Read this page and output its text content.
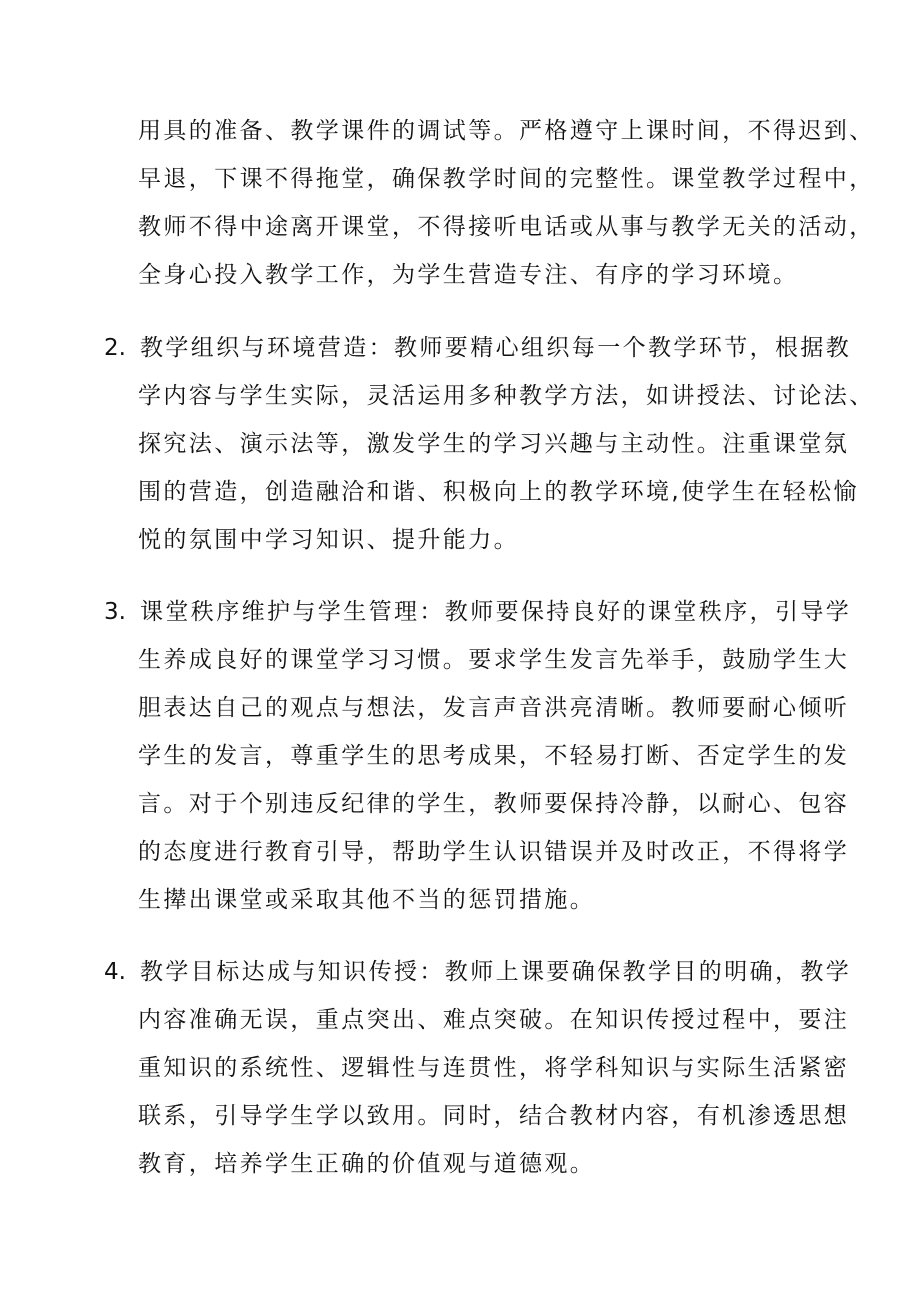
用具的准备、教学课件的调试等。严格遵守上课时间，不得迟到、
早退，下课不得拖堂，确保教学时间的完整性。课堂教学过程中，
教师不得中途离开课堂，不得接听电话或从事与教学无关的活动，
全身心投入教学工作，为学生营造专注、有序的学习环境。
2. 教学组织与环境营造：教师要精心组织每一个教学环节，根据教
学内容与学生实际，灵活运用多种教学方法，如讲授法、讨论法、
探究法、演示法等，激发学生的学习兴趣与主动性。注重课堂氛
围的营造，创造融洽和谐、积极向上的教学环境,使学生在轻松愉
悦的氛围中学习知识、提升能力。
3. 课堂秩序维护与学生管理：教师要保持良好的课堂秩序，引导学
生养成良好的课堂学习习惯。要求学生发言先举手，鼓励学生大
胆表达自己的观点与想法，发言声音洪亮清晰。教师要耐心倾听
学生的发言，尊重学生的思考成果，不轻易打断、否定学生的发
言。对于个别违反纪律的学生，教师要保持冷静，以耐心、包容
的态度进行教育引导，帮助学生认识错误并及时改正，不得将学
生撵出课堂或采取其他不当的惩罚措施。
4. 教学目标达成与知识传授：教师上课要确保教学目的明确，教学
内容准确无误，重点突出、难点突破。在知识传授过程中，要注
重知识的系统性、逻辑性与连贯性，将学科知识与实际生活紧密
联系，引导学生学以致用。同时，结合教材内容，有机渗透思想
教育，培养学生正确的价值观与道德观。
